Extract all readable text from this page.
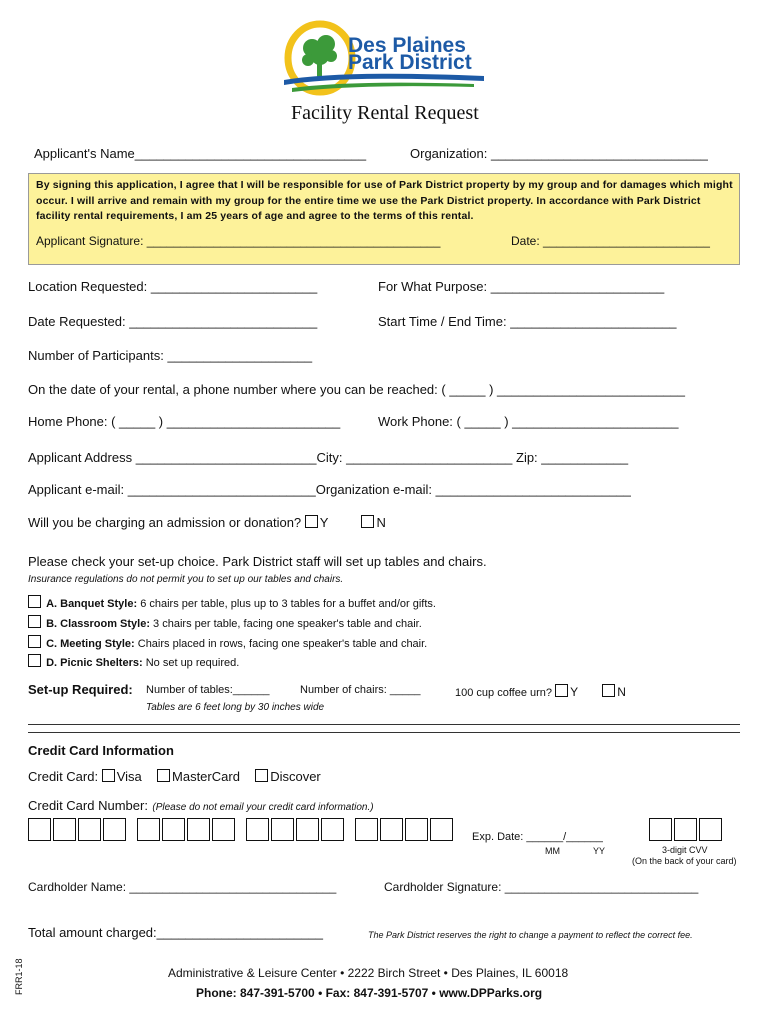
Des Plaines
Park District
Facility Rental Request
Applicant's Name________________________________	Organization: ______________________________
By signing this application, I agree that I will be responsible for use of Park District property by my group and for damages which might occur. I will arrive and remain with my group for the entire time we use the Park District property. In accordance with Park District facility rental requirements, I am 25 years of age and agree to the terms of this rental.
Applicant Signature: ____________________________________________	Date: _________________________
Location Requested: _______________________	For What Purpose: ________________________
Date Requested: __________________________	Start Time / End Time: _______________________
Number of Participants: ____________________
On the date of your rental, a phone number where you can be reached: ( _____ ) __________________________
Home Phone: ( _____ ) ________________________	Work Phone: ( _____ ) _______________________
Applicant Address _________________________City: _______________________ Zip: ____________
Applicant e-mail: __________________________Organization e-mail: ___________________________
Will you be charging an admission or donation? Y	N
Please check your set-up choice. Park District staff will set up tables and chairs.
Insurance regulations do not permit you to set up our tables and chairs.
A. Banquet Style: 6 chairs per table, plus up to 3 tables for a buffet and/or gifts.
B. Classroom Style: 3 chairs per table, facing one speaker's table and chair.
C. Meeting Style: Chairs placed in rows, facing one speaker's table and chair.
D. Picnic Shelters: No set up required.
Set-up Required: Number of tables:______	Number of chairs: _____	100 cup coffee urn? Y	N
Tables are 6 feet long by 30 inches wide
Credit Card Information
Credit Card: Visa MasterCard Discover
Credit Card Number: (Please do not email your credit card information.)
Exp. Date: ______/______
MM	YY	3-digit CVV
(On the back of your card)
Cardholder Name: _______________________________	Cardholder Signature: _____________________________
Total amount charged:_______________________	The Park District reserves the right to change a payment to reflect the correct fee.
FRR1-18	Administrative & Leisure Center • 2222 Birch Street • Des Plaines, IL 60018
Phone: 847-391-5700 • Fax: 847-391-5707 • www.DPParks.org
